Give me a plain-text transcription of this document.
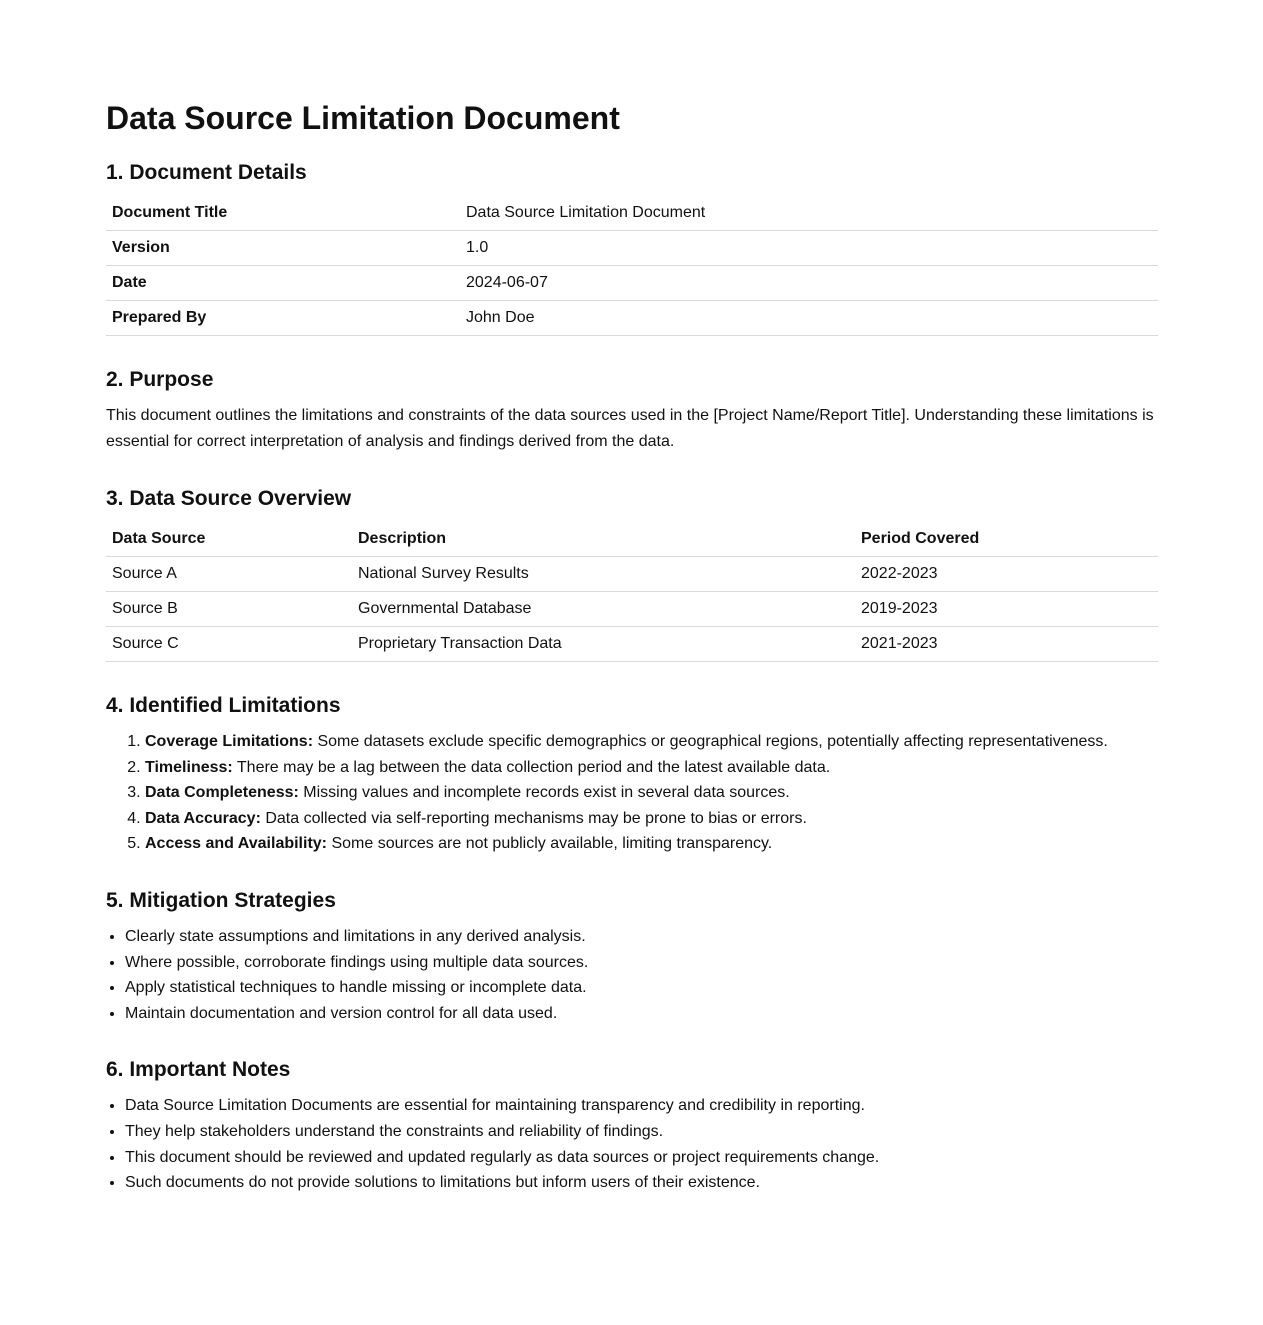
Data Source Limitation Document
1. Document Details
Document Title	Data Source Limitation Document
Version	1.0
Date	2024-06-07
Prepared By	John Doe
2. Purpose

This document outlines the limitations and constraints of the data sources used in the [Project Name/Report Title]. Understanding these limitations is essential for correct interpretation of analysis and findings derived from the data.

3. Data Source Overview
Data Source	Description	Period Covered
Source A	National Survey Results	2022-2023
Source B	Governmental Database	2019-2023
Source C	Proprietary Transaction Data	2021-2023
4. Identified Limitations
1. Coverage Limitations: Some datasets exclude specific demographics or geographical regions, potentially affecting representativeness.
2. Timeliness: There may be a lag between the data collection period and the latest available data.
3. Data Completeness: Missing values and incomplete records exist in several data sources.
4. Data Accuracy: Data collected via self-reporting mechanisms may be prone to bias or errors.
5. Access and Availability: Some sources are not publicly available, limiting transparency.
5. Mitigation Strategies
• Clearly state assumptions and limitations in any derived analysis.
• Where possible, corroborate findings using multiple data sources.
• Apply statistical techniques to handle missing or incomplete data.
• Maintain documentation and version control for all data used.
6. Important Notes
• Data Source Limitation Documents are essential for maintaining transparency and credibility in reporting.
• They help stakeholders understand the constraints and reliability of findings.
• This document should be reviewed and updated regularly as data sources or project requirements change.
• Such documents do not provide solutions to limitations but inform users of their existence.
